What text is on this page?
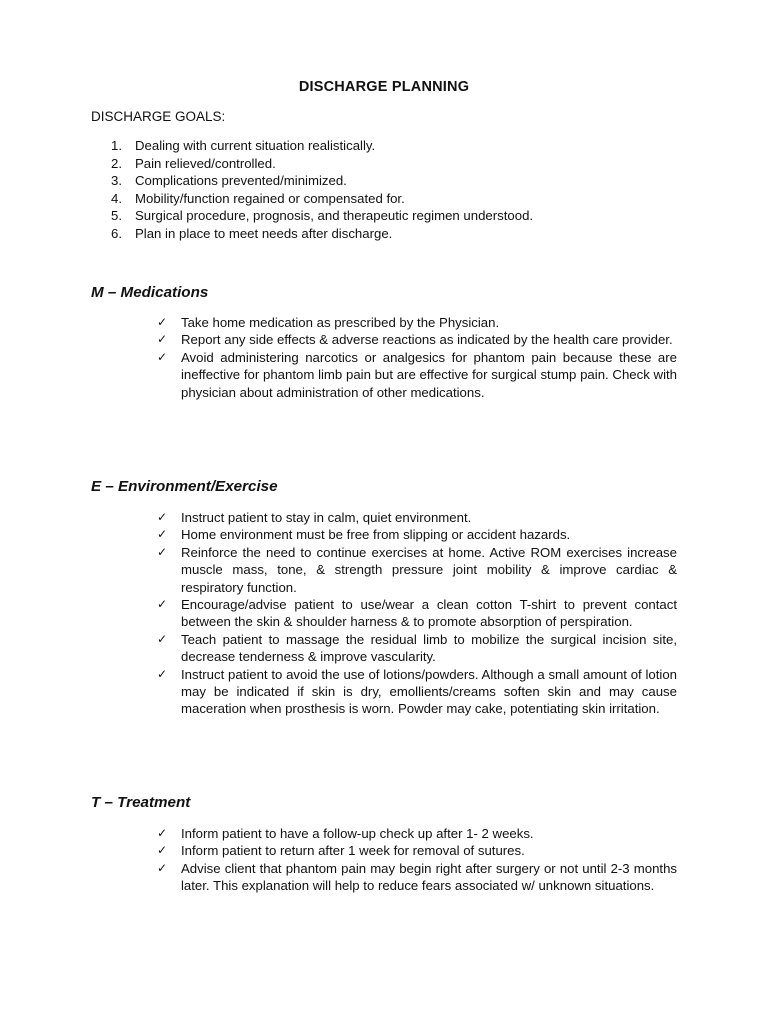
DISCHARGE PLANNING
DISCHARGE GOALS:
1. Dealing with current situation realistically.
2. Pain relieved/controlled.
3. Complications prevented/minimized.
4. Mobility/function regained or compensated for.
5. Surgical procedure, prognosis, and therapeutic regimen understood.
6. Plan in place to meet needs after discharge.
M – Medications
✓ Take home medication as prescribed by the Physician.
✓ Report any side effects & adverse reactions as indicated by the health care provider.
✓ Avoid administering narcotics or analgesics for phantom pain because these are ineffective for phantom limb pain but are effective for surgical stump pain. Check with physician about administration of other medications.
E – Environment/Exercise
✓ Instruct patient to stay in calm, quiet environment.
✓ Home environment must be free from slipping or accident hazards.
✓ Reinforce the need to continue exercises at home. Active ROM exercises increase muscle mass, tone, & strength pressure joint mobility & improve cardiac & respiratory function.
✓ Encourage/advise patient to use/wear a clean cotton T-shirt to prevent contact between the skin & shoulder harness & to promote absorption of perspiration.
✓ Teach patient to massage the residual limb to mobilize the surgical incision site, decrease tenderness & improve vascularity.
✓ Instruct patient to avoid the use of lotions/powders. Although a small amount of lotion may be indicated if skin is dry, emollients/creams soften skin and may cause maceration when prosthesis is worn. Powder may cake, potentiating skin irritation.
T – Treatment
✓ Inform patient to have a follow-up check up after 1- 2 weeks.
✓ Inform patient to return after 1 week for removal of sutures.
✓ Advise client that phantom pain may begin right after surgery or not until 2-3 months later. This explanation will help to reduce fears associated w/ unknown situations.
